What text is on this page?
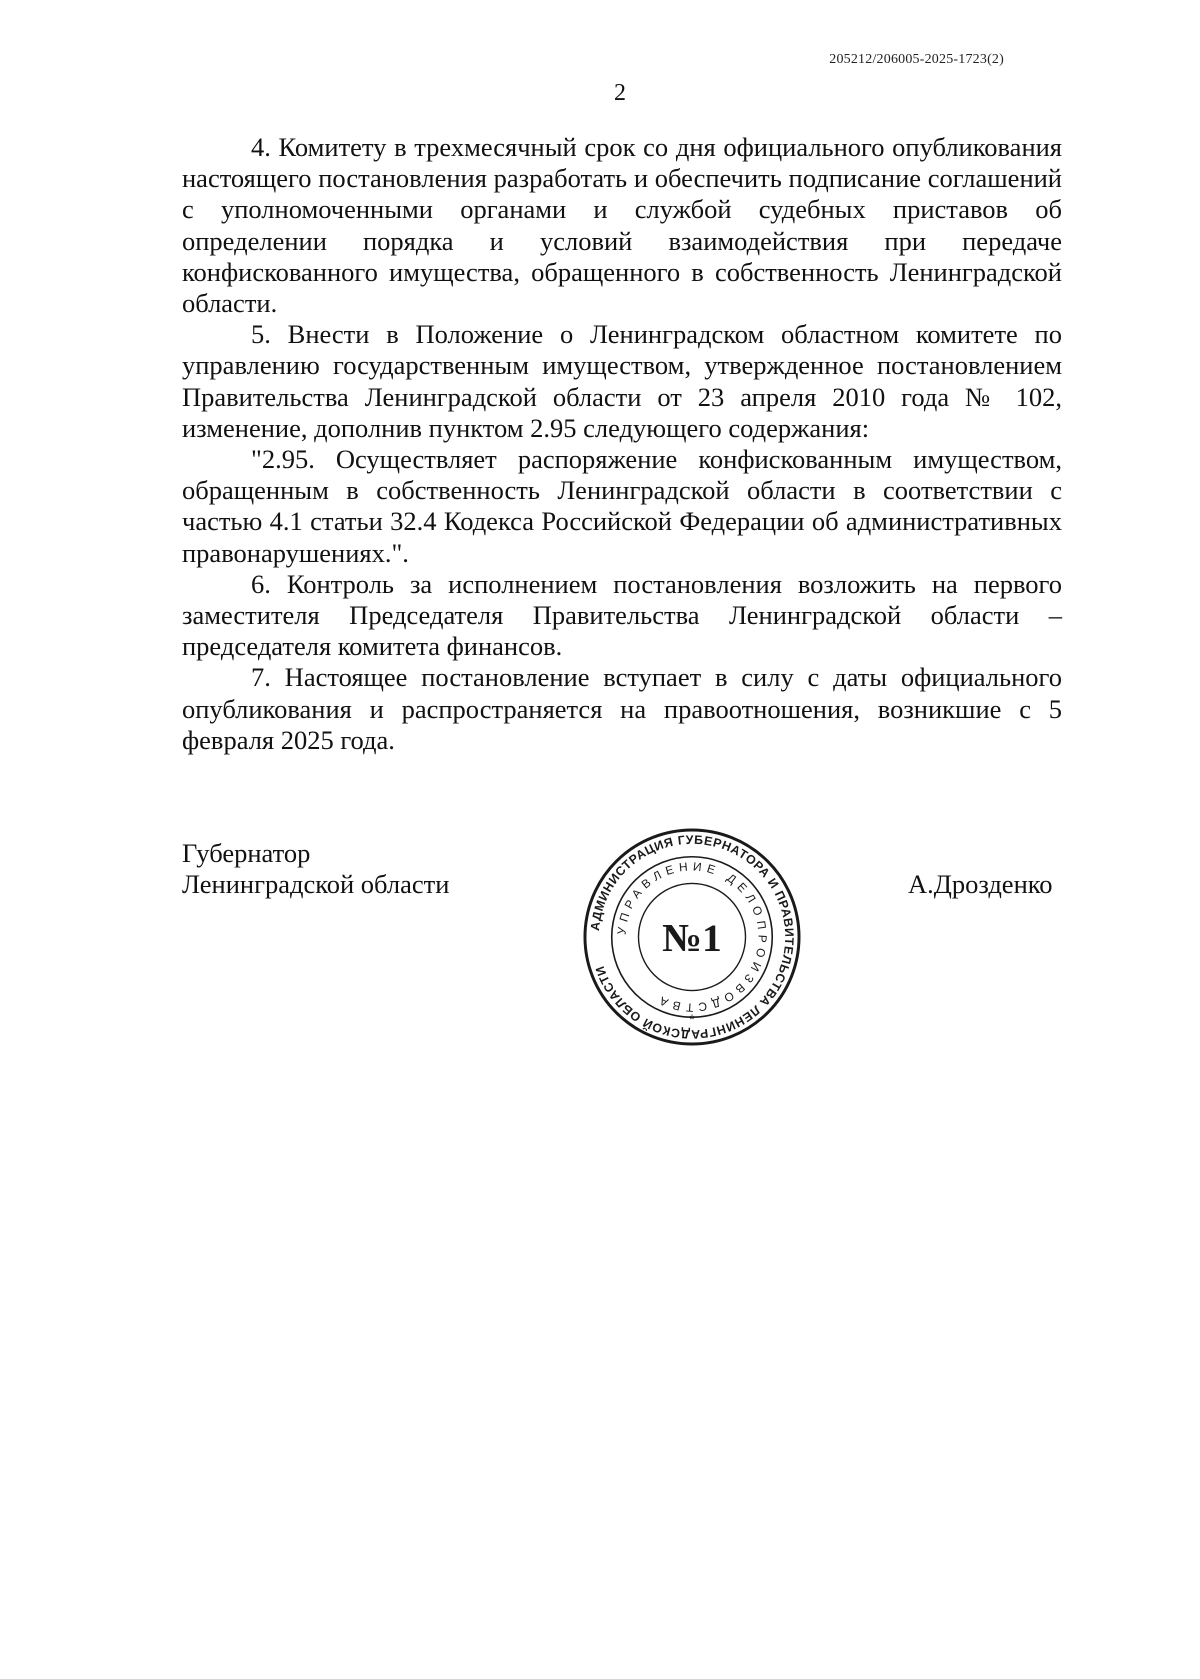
205212/206005-2025-1723(2)
2

4. Комитету в трехмесячный срок со дня официального опубликования настоящего постановления разработать и обеспечить подписание соглашений с уполномоченными органами и службой судебных приставов об определении порядка и условий взаимодействия при передаче конфискованного имущества, обращенного в собственность Ленинградской области.

5. Внести в Положение о Ленинградском областном комитете по управлению государственным имуществом, утвержденное постановлением Правительства Ленинградской области от 23 апреля 2010 года № 102, изменение, дополнив пунктом 2.95 следующего содержания:

"2.95. Осуществляет распоряжение конфискованным имуществом, обращенным в собственность Ленинградской области в соответствии с частью 4.1 статьи 32.4 Кодекса Российской Федерации об административных правонарушениях.".

6. Контроль за исполнением постановления возложить на первого заместителя Председателя Правительства Ленинградской области – председателя комитета финансов.

7. Настоящее постановление вступает в силу с даты официального опубликования и распространяется на правоотношения, возникшие с 5 февраля 2025 года.

Губернатор
Ленинградской области	А.Дрозденко
АДМИНИСТРАЦИЯ ГУБЕРНАТОРА И ПРАВИТЕЛЬСТВА ЛЕНИНГРАДСКОЙ ОБЛАСТИ
УПРАВЛЕНИЕ ДЕЛОПРОИЗВОДСТВА
*
№1
